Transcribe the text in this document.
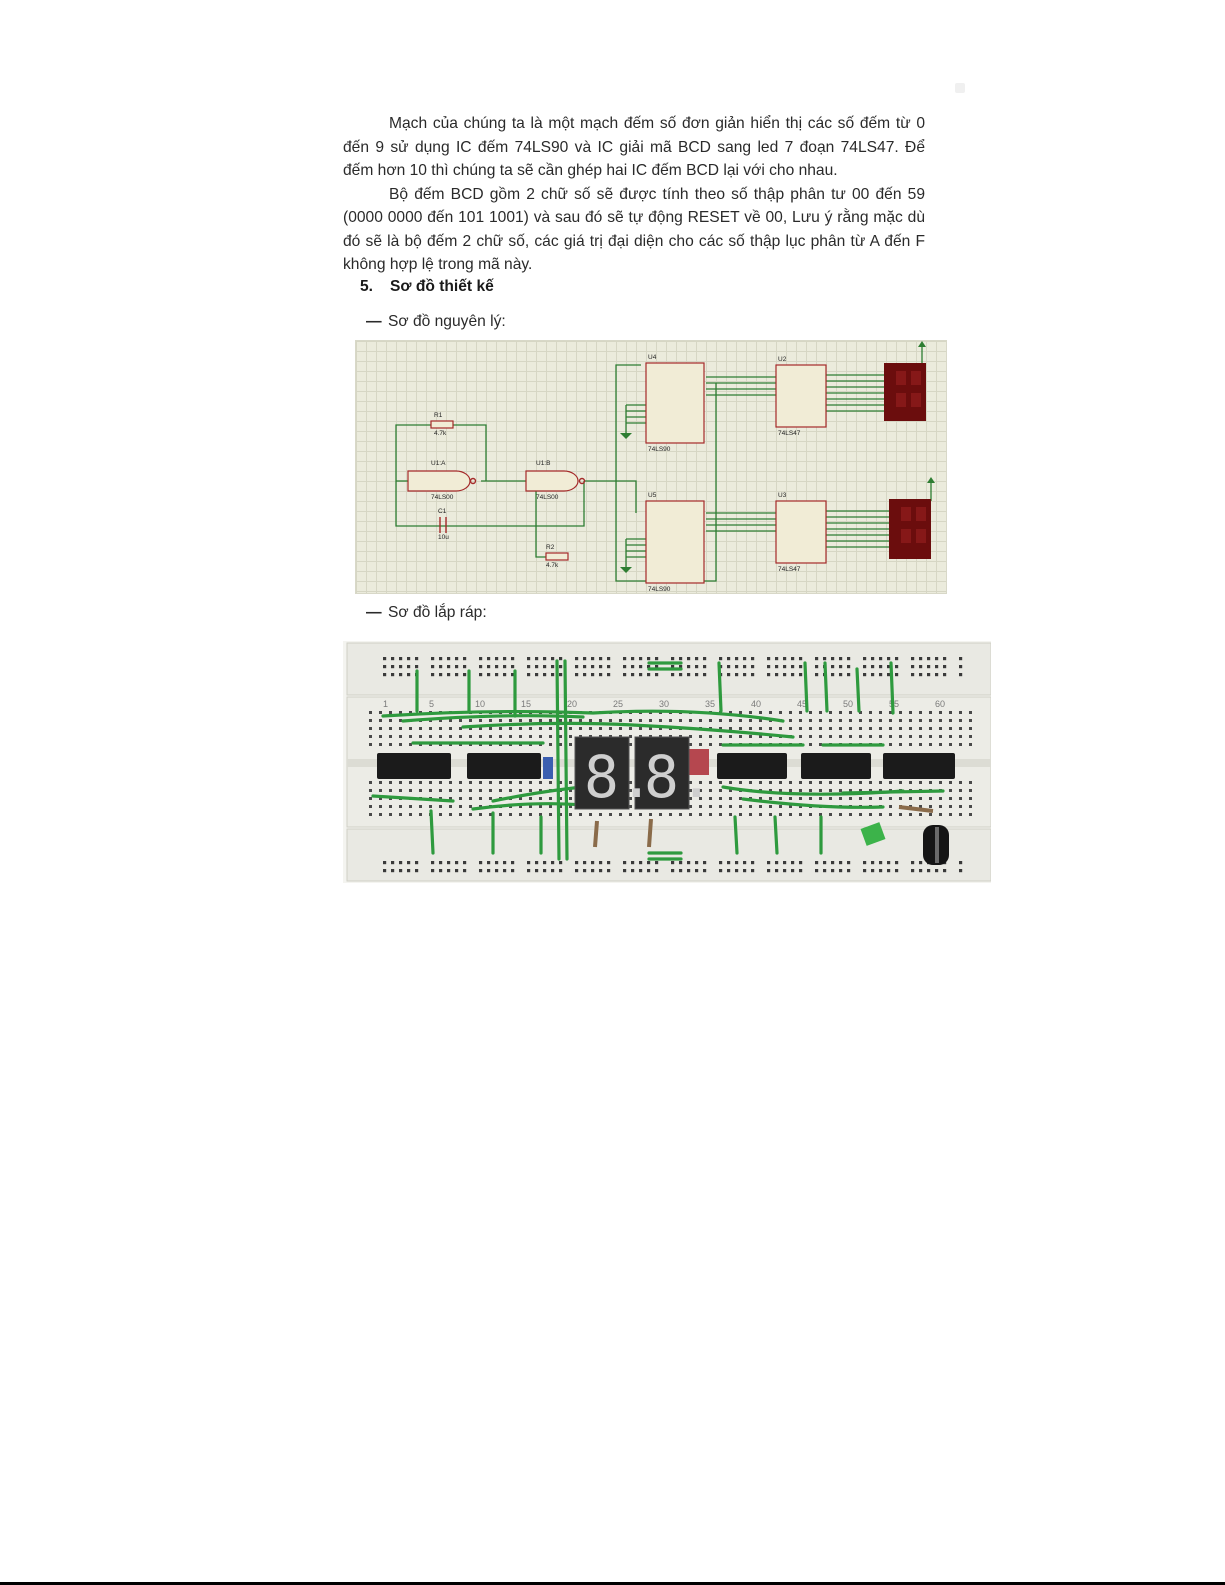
Mạch của chúng ta là một mạch đếm số đơn giản hiển thị các số đếm từ 0 đến 9 sử dụng IC đếm 74LS90 và IC giải mã BCD sang led 7 đoạn 74LS47. Để đếm hơn 10 thì chúng ta sẽ cần ghép hai IC đếm BCD lại với cho nhau.

Bộ đếm BCD gồm 2 chữ số sẽ được tính theo số thập phân tư 00 đến 59 (0000 0000 đến 101 1001) và sau đó sẽ tự động RESET về 00, Lưu ý rằng mặc dù đó sẽ là bộ đếm 2 chữ số, các giá trị đại diện cho các số thập lục phân từ A đến F không hợp lệ trong mã này.

5. Sơ đồ thiết kế
— Sơ đồ nguyên lý:
R1
4.7k
U1:A
74LS00
U1:B
74LS00
C1
10u
R2
4.7k
U4
74LS90
U5
74LS90
U2
74LS47
U3
74LS47
— Sơ đồ lắp ráp:
1	5	10	15	20	25	30	35	40	45	50	55	60
8.
8.
